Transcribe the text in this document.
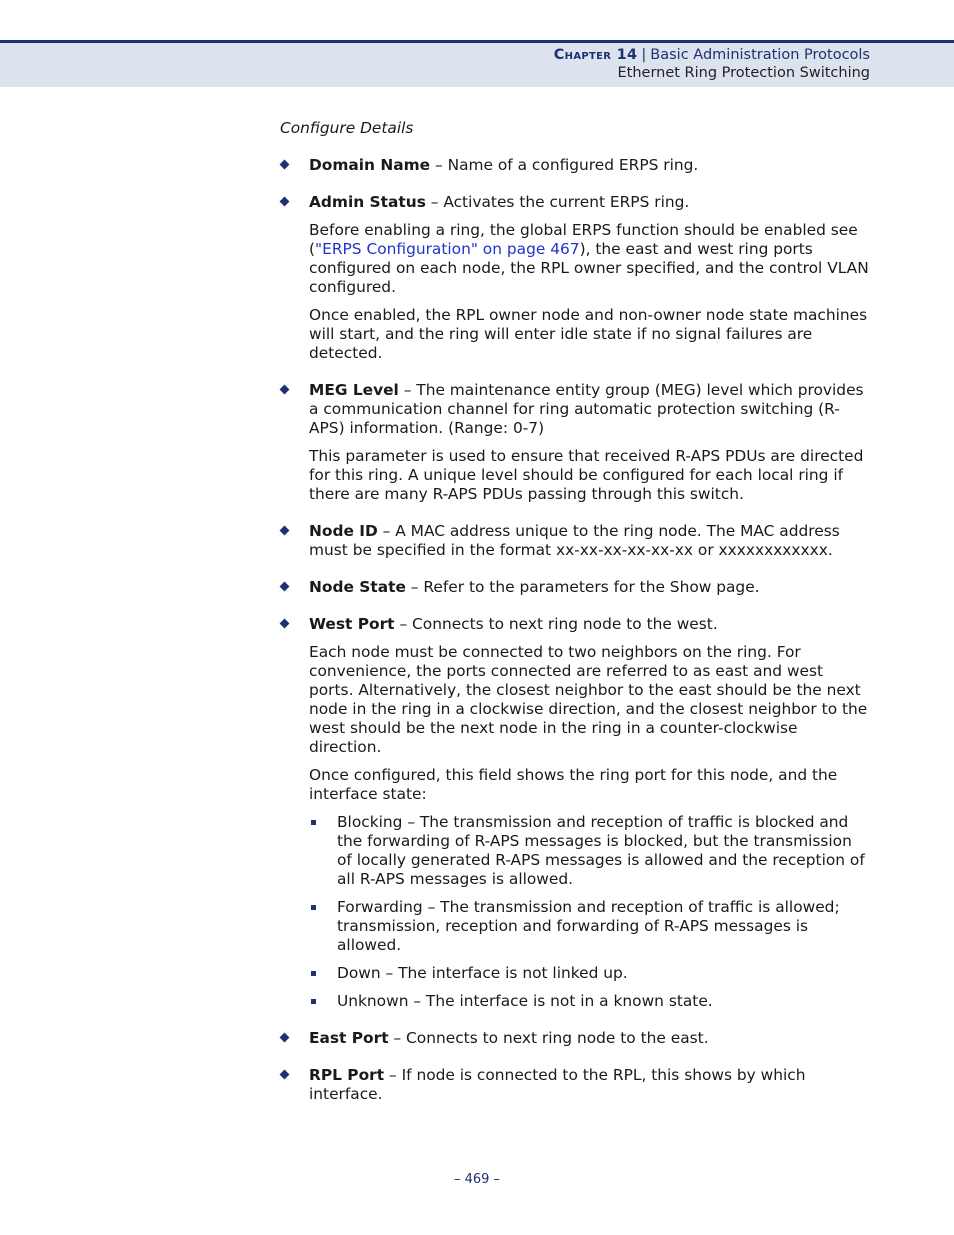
Chapter 14 | Basic Administration Protocols
Ethernet Ring Protection Switching

Configure Details

Domain Name – Name of a configured ERPS ring.

Admin Status – Activates the current ERPS ring.

Before enabling a ring, the global ERPS function should be enabled see ("ERPS Configuration" on page 467), the east and west ring ports configured on each node, the RPL owner specified, and the control VLAN configured.

Once enabled, the RPL owner node and non-owner node state machines will start, and the ring will enter idle state if no signal failures are detected.

MEG Level – The maintenance entity group (MEG) level which provides a communication channel for ring automatic protection switching (R-APS) information. (Range: 0-7)

This parameter is used to ensure that received R-APS PDUs are directed for this ring. A unique level should be configured for each local ring if there are many R-APS PDUs passing through this switch.

Node ID – A MAC address unique to the ring node. The MAC address must be specified in the format xx-xx-xx-xx-xx-xx or xxxxxxxxxxxx.

Node State – Refer to the parameters for the Show page.

West Port – Connects to next ring node to the west.

Each node must be connected to two neighbors on the ring. For convenience, the ports connected are referred to as east and west ports. Alternatively, the closest neighbor to the east should be the next node in the ring in a clockwise direction, and the closest neighbor to the west should be the next node in the ring in a counter-clockwise direction.

Once configured, this field shows the ring port for this node, and the interface state:

Blocking – The transmission and reception of traffic is blocked and the forwarding of R-APS messages is blocked, but the transmission of locally generated R-APS messages is allowed and the reception of all R-APS messages is allowed.
Forwarding – The transmission and reception of traffic is allowed; transmission, reception and forwarding of R-APS messages is allowed.
Down – The interface is not linked up.
Unknown – The interface is not in a known state.

East Port – Connects to next ring node to the east.

RPL Port – If node is connected to the RPL, this shows by which interface.

– 469 –
